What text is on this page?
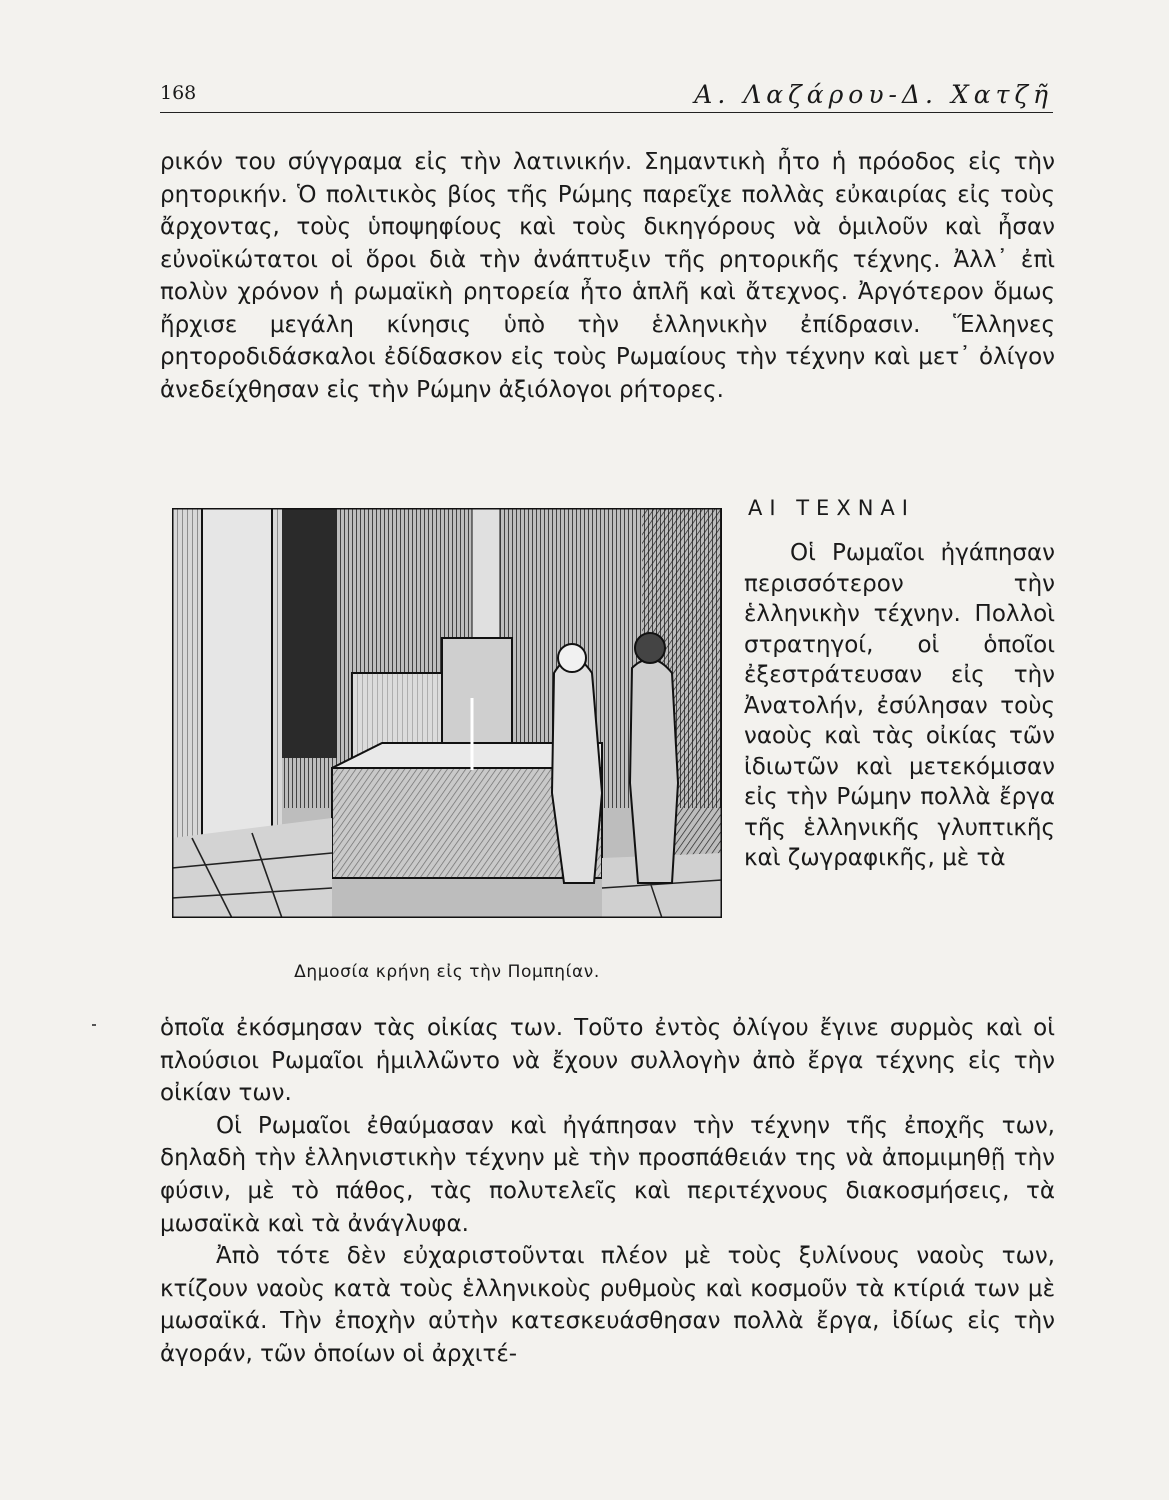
168	Α. Λαζάρου-Δ. Χατζῆ

ρικόν του σύγγραμα εἰς τὴν λατινικήν. Σημαντικὴ ἦτο ἡ πρόοδος εἰς τὴν ρητορικήν. Ὁ πολιτικὸς βίος τῆς Ρώμης παρεῖχε πολλὰς εὐκαιρίας εἰς τοὺς ἄρχοντας, τοὺς ὑποψηφίους καὶ τοὺς δικηγόρους νὰ ὁμιλοῦν καὶ ἦσαν εὐνοϊκώτατοι οἱ ὅροι διὰ τὴν ἀνάπτυξιν τῆς ρητορικῆς τέχνης. Ἀλλ᾽ ἐπὶ πολὺν χρόνον ἡ ρωμαϊκὴ ρητορεία ἦτο ἁπλῆ καὶ ἄτεχνος. Ἀργότερον ὅμως ἤρχισε μεγάλη κίνησις ὑπὸ τὴν ἑλληνικὴν ἐπίδρασιν. Ἕλληνες ρητοροδιδάσκαλοι ἐδίδασκον εἰς τοὺς Ρωμαίους τὴν τέχνην καὶ μετ᾽ ὀλίγον ἀνεδείχθησαν εἰς τὴν Ρώμην ἀξιόλογοι ρήτορες.

Δημοσία κρήνη εἰς τὴν Πομπηίαν.
ΑΙ ΤΕΧΝΑΙ

Οἱ Ρωμαῖοι ἠγάπησαν περισσότερον τὴν ἑλληνικὴν τέχνην. Πολλοὶ στρατηγοί, οἱ ὁποῖοι ἐξεστράτευσαν εἰς τὴν Ἀνατολήν, ἐσύλησαν τοὺς ναοὺς καὶ τὰς οἰκίας τῶν ἰδιωτῶν καὶ μετεκόμισαν εἰς τὴν Ρώμην πολλὰ ἔργα τῆς ἑλληνικῆς γλυπτικῆς καὶ ζωγραφικῆς, μὲ τὰ

ὁποῖα ἐκόσμησαν τὰς οἰκίας των. Τοῦτο ἐντὸς ὀλίγου ἔγινε συρμὸς καὶ οἱ πλούσιοι Ρωμαῖοι ἡμιλλῶντο νὰ ἔχουν συλλογὴν ἀπὸ ἔργα τέχνης εἰς τὴν οἰκίαν των.

Οἱ Ρωμαῖοι ἐθαύμασαν καὶ ἠγάπησαν τὴν τέχνην τῆς ἐποχῆς των, δηλαδὴ τὴν ἑλληνιστικὴν τέχνην μὲ τὴν προσπάθειάν της νὰ ἀπομιμηθῇ τὴν φύσιν, μὲ τὸ πάθος, τὰς πολυτελεῖς καὶ περιτέχνους διακοσμήσεις, τὰ μωσαϊκὰ καὶ τὰ ἀνάγλυφα.

Ἀπὸ τότε δὲν εὐχαριστοῦνται πλέον μὲ τοὺς ξυλίνους ναοὺς των, κτίζουν ναοὺς κατὰ τοὺς ἑλληνικοὺς ρυθμοὺς καὶ κοσμοῦν τὰ κτίριά των μὲ μωσαϊκά. Τὴν ἐποχὴν αὐτὴν κατεσκευάσθησαν πολλὰ ἔργα, ἰδίως εἰς τὴν ἀγοράν, τῶν ὁποίων οἱ ἀρχιτέ-
